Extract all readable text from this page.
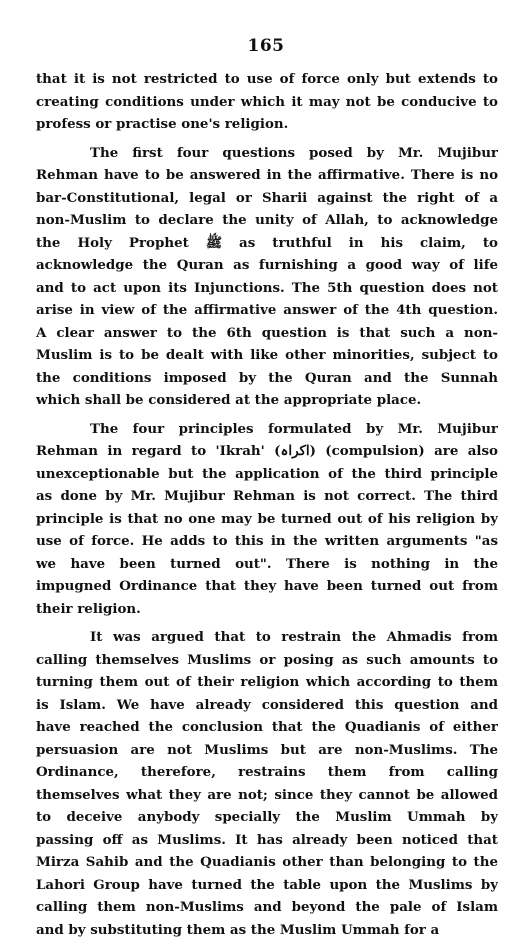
165
that it is not restricted to use of force only but extends to
creating conditions under which it may not be conducive to
profess or practise one's religion.
The first four questions posed by Mr. Mujibur
Rehman have to be answered in the affirmative. There is no
bar-Constitutional, legal or Sharii against the right of a
non-Muslim to declare the unity of Allah, to acknowledge
the Holy Prophet ﷺ as truthful in his claim, to
acknowledge the Quran as furnishing a good way of life
and to act upon its Injunctions. The 5th question does not
arise in view of the affirmative answer of the 4th question.
A clear answer to the 6th question is that such a non-
Muslim is to be dealt with like other minorities, subject to
the conditions imposed by the Quran and the Sunnah
which shall be considered at the appropriate place.
The four principles formulated by Mr. Mujibur
Rehman in regard to 'Ikrah' (اکراہ) (compulsion) are also
unexceptionable but the application of the third principle
as done by Mr. Mujibur Rehman is not correct. The third
principle is that no one may be turned out of his religion by
use of force. He adds to this in the written arguments "as
we have been turned out". There is nothing in the
impugned Ordinance that they have been turned out from
their religion.
It was argued that to restrain the Ahmadis from
calling themselves Muslims or posing as such amounts to
turning them out of their religion which according to them
is Islam. We have already considered this question and
have reached the conclusion that the Quadianis of either
persuasion are not Muslims but are non-Muslims. The
Ordinance, therefore, restrains them from calling
themselves what they are not; since they cannot be allowed
to deceive anybody specially the Muslim Ummah by
passing off as Muslims. It has already been noticed that
Mirza Sahib and the Quadianis other than belonging to the
Lahori Group have turned the table upon the Muslims by
calling them non-Muslims and beyond the pale of Islam
and by substituting them as the Muslim Ummah for a
